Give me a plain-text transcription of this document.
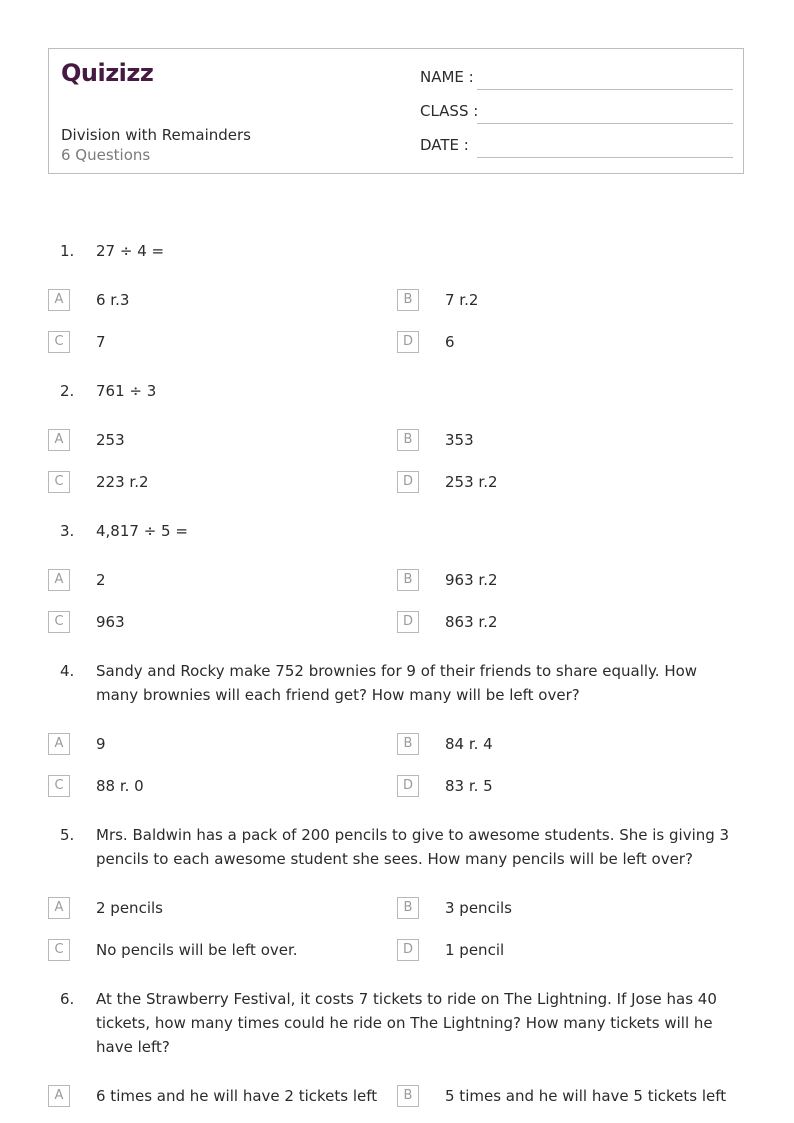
Quizizz
Division with Remainders
6 Questions
NAME :
CLASS :
DATE :
1. 27 ÷ 4 =
A	6 r.3	B	7 r.2
C	7	D	6
2. 761 ÷ 3
A	253	B	353
C	223 r.2	D	253 r.2
3. 4,817 ÷ 5 =
A	2	B	963 r.2
C	963	D	863 r.2
4. Sandy and Rocky make 752 brownies for 9 of their friends to share equally. How many brownies will each friend get? How many will be left over?
A	9	B	84 r. 4
C	88 r. 0	D	83 r. 5
5. Mrs. Baldwin has a pack of 200 pencils to give to awesome students. She is giving 3 pencils to each awesome student she sees. How many pencils will be left over?
A	2 pencils	B	3 pencils
C	No pencils will be left over.	D	1 pencil
6. At the Strawberry Festival, it costs 7 tickets to ride on The Lightning. If Jose has 40 tickets, how many times could he ride on The Lightning? How many tickets will he have left?
A	6 times and he will have 2 tickets left	B	5 times and he will have 5 tickets left
